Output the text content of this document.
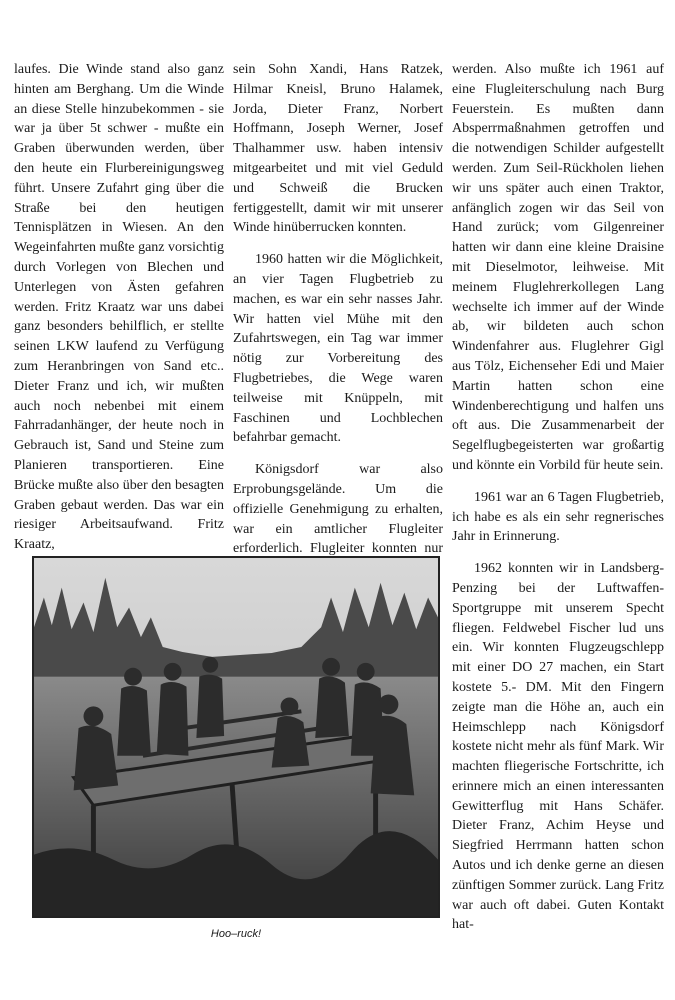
laufes. Die Winde stand also ganz hinten am Berghang. Um die Winde an diese Stelle hinzubekommen - sie war ja über 5t schwer - mußte ein Graben überwunden werden, über den heute ein Flurbereinigungsweg führt. Unsere Zufahrt ging über die Straße bei den heutigen Tennisplätzen in Wiesen. An den Wegeinfahrten mußte ganz vorsichtig durch Vorlegen von Blechen und Unterlegen von Ästen gefahren werden. Fritz Kraatz war uns dabei ganz besonders behilflich, er stellte seinen LKW laufend zu Verfügung zum Heranbringen von Sand etc.. Dieter Franz und ich, wir mußten auch noch nebenbei mit einem Fahrradanhänger, der heute noch in Gebrauch ist, Sand und Steine zum Planieren transportieren. Eine Brücke mußte also über den besagten Graben gebaut werden. Das war ein riesiger Arbeitsaufwand. Fritz Kraatz,

sein Sohn Xandi, Hans Ratzek, Hilmar Kneisl, Bruno Halamek, Jorda, Dieter Franz, Norbert Hoffmann, Joseph Werner, Josef Thalhammer usw. haben intensiv mitgearbeitet und mit viel Geduld und Schweiß die Brucken fertiggestellt, damit wir mit unserer Winde hinüberrucken konnten.

1960 hatten wir die Möglichkeit, an vier Tagen Flugbetrieb zu machen, es war ein sehr nasses Jahr. Wir hatten viel Mühe mit den Zufahrtswegen, ein Tag war immer nötig zur Vorbereitung des Flugbetriebes, die Wege waren teilweise mit Knüppeln, mit Faschinen und Lochblechen befahrbar gemacht.

Königsdorf war also Erprobungsgelände. Um die offizielle Genehmigung zu erhalten, war ein amtlicher Flugleiter erforderlich. Flugleiter konnten nur

werden. Also mußte ich 1961 auf eine Flugleiterschulung nach Burg Feuerstein. Es mußten dann Absperrmaßnahmen getroffen und die notwendigen Schilder aufgestellt werden. Zum Seil-Rückholen liehen wir uns später auch einen Traktor, anfänglich zogen wir das Seil von Hand zurück; vom Gilgenreiner hatten wir dann eine kleine Draisine mit Dieselmotor, leihweise. Mit meinem Fluglehrerkollegen Lang wechselte ich immer auf der Winde ab, wir bildeten auch schon Windenfahrer aus. Fluglehrer Gigl aus Tölz, Eichenseher Edi und Maier Martin hatten schon eine Windenberechtigung und halfen uns oft aus. Die Zusammenarbeit der Segelflugbegeisterten war großartig und könnte ein Vorbild für heute sein.

1961 war an 6 Tagen Flugbetrieb, ich habe es als ein sehr regnerisches Jahr in Erinnerung.

1962 konnten wir in Landsberg-Penzing bei der Luftwaffen- Sportgruppe mit unserem Specht fliegen. Feldwebel Fischer lud uns ein. Wir konnten Flugzeugschlepp mit einer DO 27 machen, ein Start kostete 5.- DM. Mit den Fingern zeigte man die Höhe an, auch ein Heimschlepp nach Königsdorf kostete nicht mehr als fünf Mark. Wir machten fliegerische Fortschritte, ich erinnere mich an einen interessanten Gewitterflug mit Hans Schäfer. Dieter Franz, Achim Heyse und Siegfried Herrmann hatten schon Autos und ich denke gerne an diesen zünftigen Sommer zurück. Lang Fritz war auch oft dabei. Guten Kontakt hat-

Hoo–ruck!
